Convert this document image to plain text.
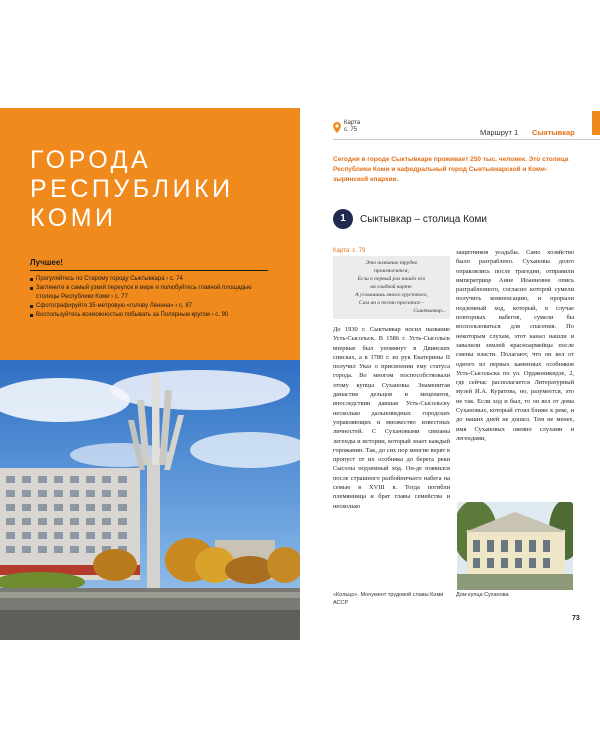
ГОРОДА
РЕСПУБЛИКИ
КОМИ
Лучшее!
Прогуляйтесь по Старому городу Сыктывкара › с. 74
Загляните в самый узкий переулок в мире и полюбуйтесь главной площадью столицы Республики Коми › с. 77
Сфотографируйте 35-метровую «голову Ленина» › с. 87
Воспользуйтесь возможностью побывать за Полярным кругом › с. 90
Карта
с. 75	Маршрут 1 Сыктывкар
Сегодня в городе Сыктывкаре проживает 250 тыс. человек. Это столица Республики Коми и кафедральный город Сыктывкарской и Коми-зырянской епархии.
1	Сыктывкар – столица Коми
Карта: с. 79

Это название трудно

произносится,

Если в первый раз нашёл его

на гладкой карте.

А услышишь много грустного,

Сам ан в песню просится –

Сыктывкар...

До 1930 г. Сыктывкар носил название Усть-Сысольск. В 1586 г. Усть-Сысольск впервые был упомянут в Двинских списках, а в 1780 г. из рук Екатерины II получил Указ о присвоении ему статуса города. Во многом поспособствовали этому купцы Сухановы. Знаменитая династия дельцов и меценатов, впоследствии давшая Усть-Сысольску несколько дальновидных городских управляющих и множество известных личностей. С Сухановыми связаны легенды и истории, который знает каждый горожанин. Так, до сих пор многие верят в пропуст от их особняка до берега реки Сысолы подземный ход. Он-де появился после страшного разбойничьего набега на семью в XVIII в. Тогда погибли племянница и брат главы семейства и несколько

защитников усадьбы. Само хозяйство было разграблено. Сухановы долго оправлялись после трагедии, отправили императрице Анне Иоанновне опись разграбленного, согласно которой сумели получить компенсацию, и прорыли подземный ход, который, в случае повторных набегов, сумели бы воспользоваться для спасения. По некоторым слухам, этот канал нашли и завалили землей красноармейцы после смены власти. Полагают, что он вел от одного из первых каменных особняков Усть-Сысольска по ул. Орджоникидзе, 2, где сейчас располагается Литературный музей И.А. Куратова, но, разумеется, это не так. Если ход и был, то он вел от дома Сухановых, который стоял ближе к реке, и до наших дней не дошел. Тем не менее, имя Сухановых овеяно слухами и легендами,

«Кольцо». Монумент трудовой славы Коми АССР
Дом купца Суханова
73
